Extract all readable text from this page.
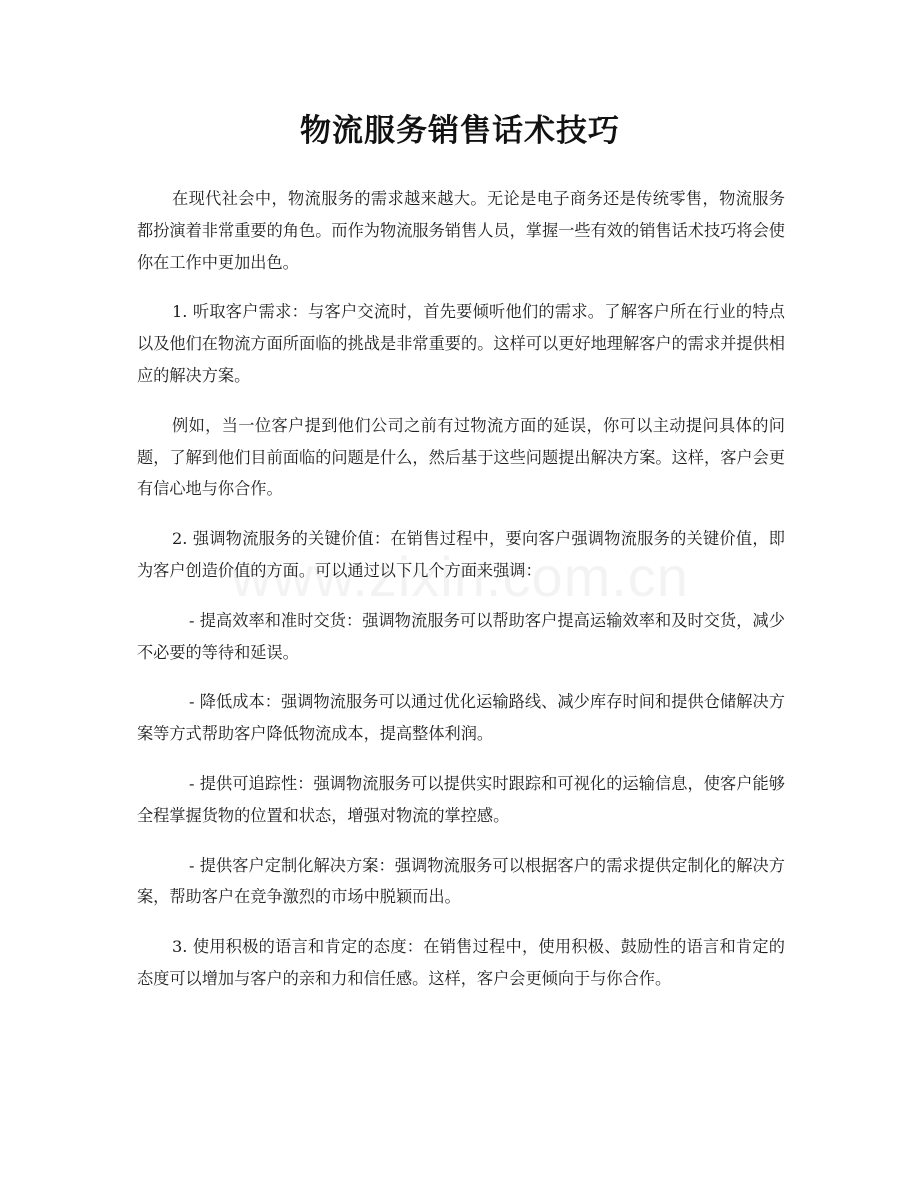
物流服务销售话术技巧

在现代社会中，物流服务的需求越来越大。无论是电子商务还是传统零售，物流服务都扮演着非常重要的角色。而作为物流服务销售人员，掌握一些有效的销售话术技巧将会使你在工作中更加出色。

1. 听取客户需求：与客户交流时，首先要倾听他们的需求。了解客户所在行业的特点以及他们在物流方面所面临的挑战是非常重要的。这样可以更好地理解客户的需求并提供相应的解决方案。

例如，当一位客户提到他们公司之前有过物流方面的延误，你可以主动提问具体的问题，了解到他们目前面临的问题是什么，然后基于这些问题提出解决方案。这样，客户会更有信心地与你合作。

2. 强调物流服务的关键价值：在销售过程中，要向客户强调物流服务的关键价值，即为客户创造价值的方面。可以通过以下几个方面来强调：

- 提高效率和准时交货：强调物流服务可以帮助客户提高运输效率和及时交货，减少不必要的等待和延误。

- 降低成本：强调物流服务可以通过优化运输路线、减少库存时间和提供仓储解决方案等方式帮助客户降低物流成本，提高整体利润。

- 提供可追踪性：强调物流服务可以提供实时跟踪和可视化的运输信息，使客户能够全程掌握货物的位置和状态，增强对物流的掌控感。

- 提供客户定制化解决方案：强调物流服务可以根据客户的需求提供定制化的解决方案，帮助客户在竞争激烈的市场中脱颖而出。

3. 使用积极的语言和肯定的态度：在销售过程中，使用积极、鼓励性的语言和肯定的态度可以增加与客户的亲和力和信任感。这样，客户会更倾向于与你合作。
